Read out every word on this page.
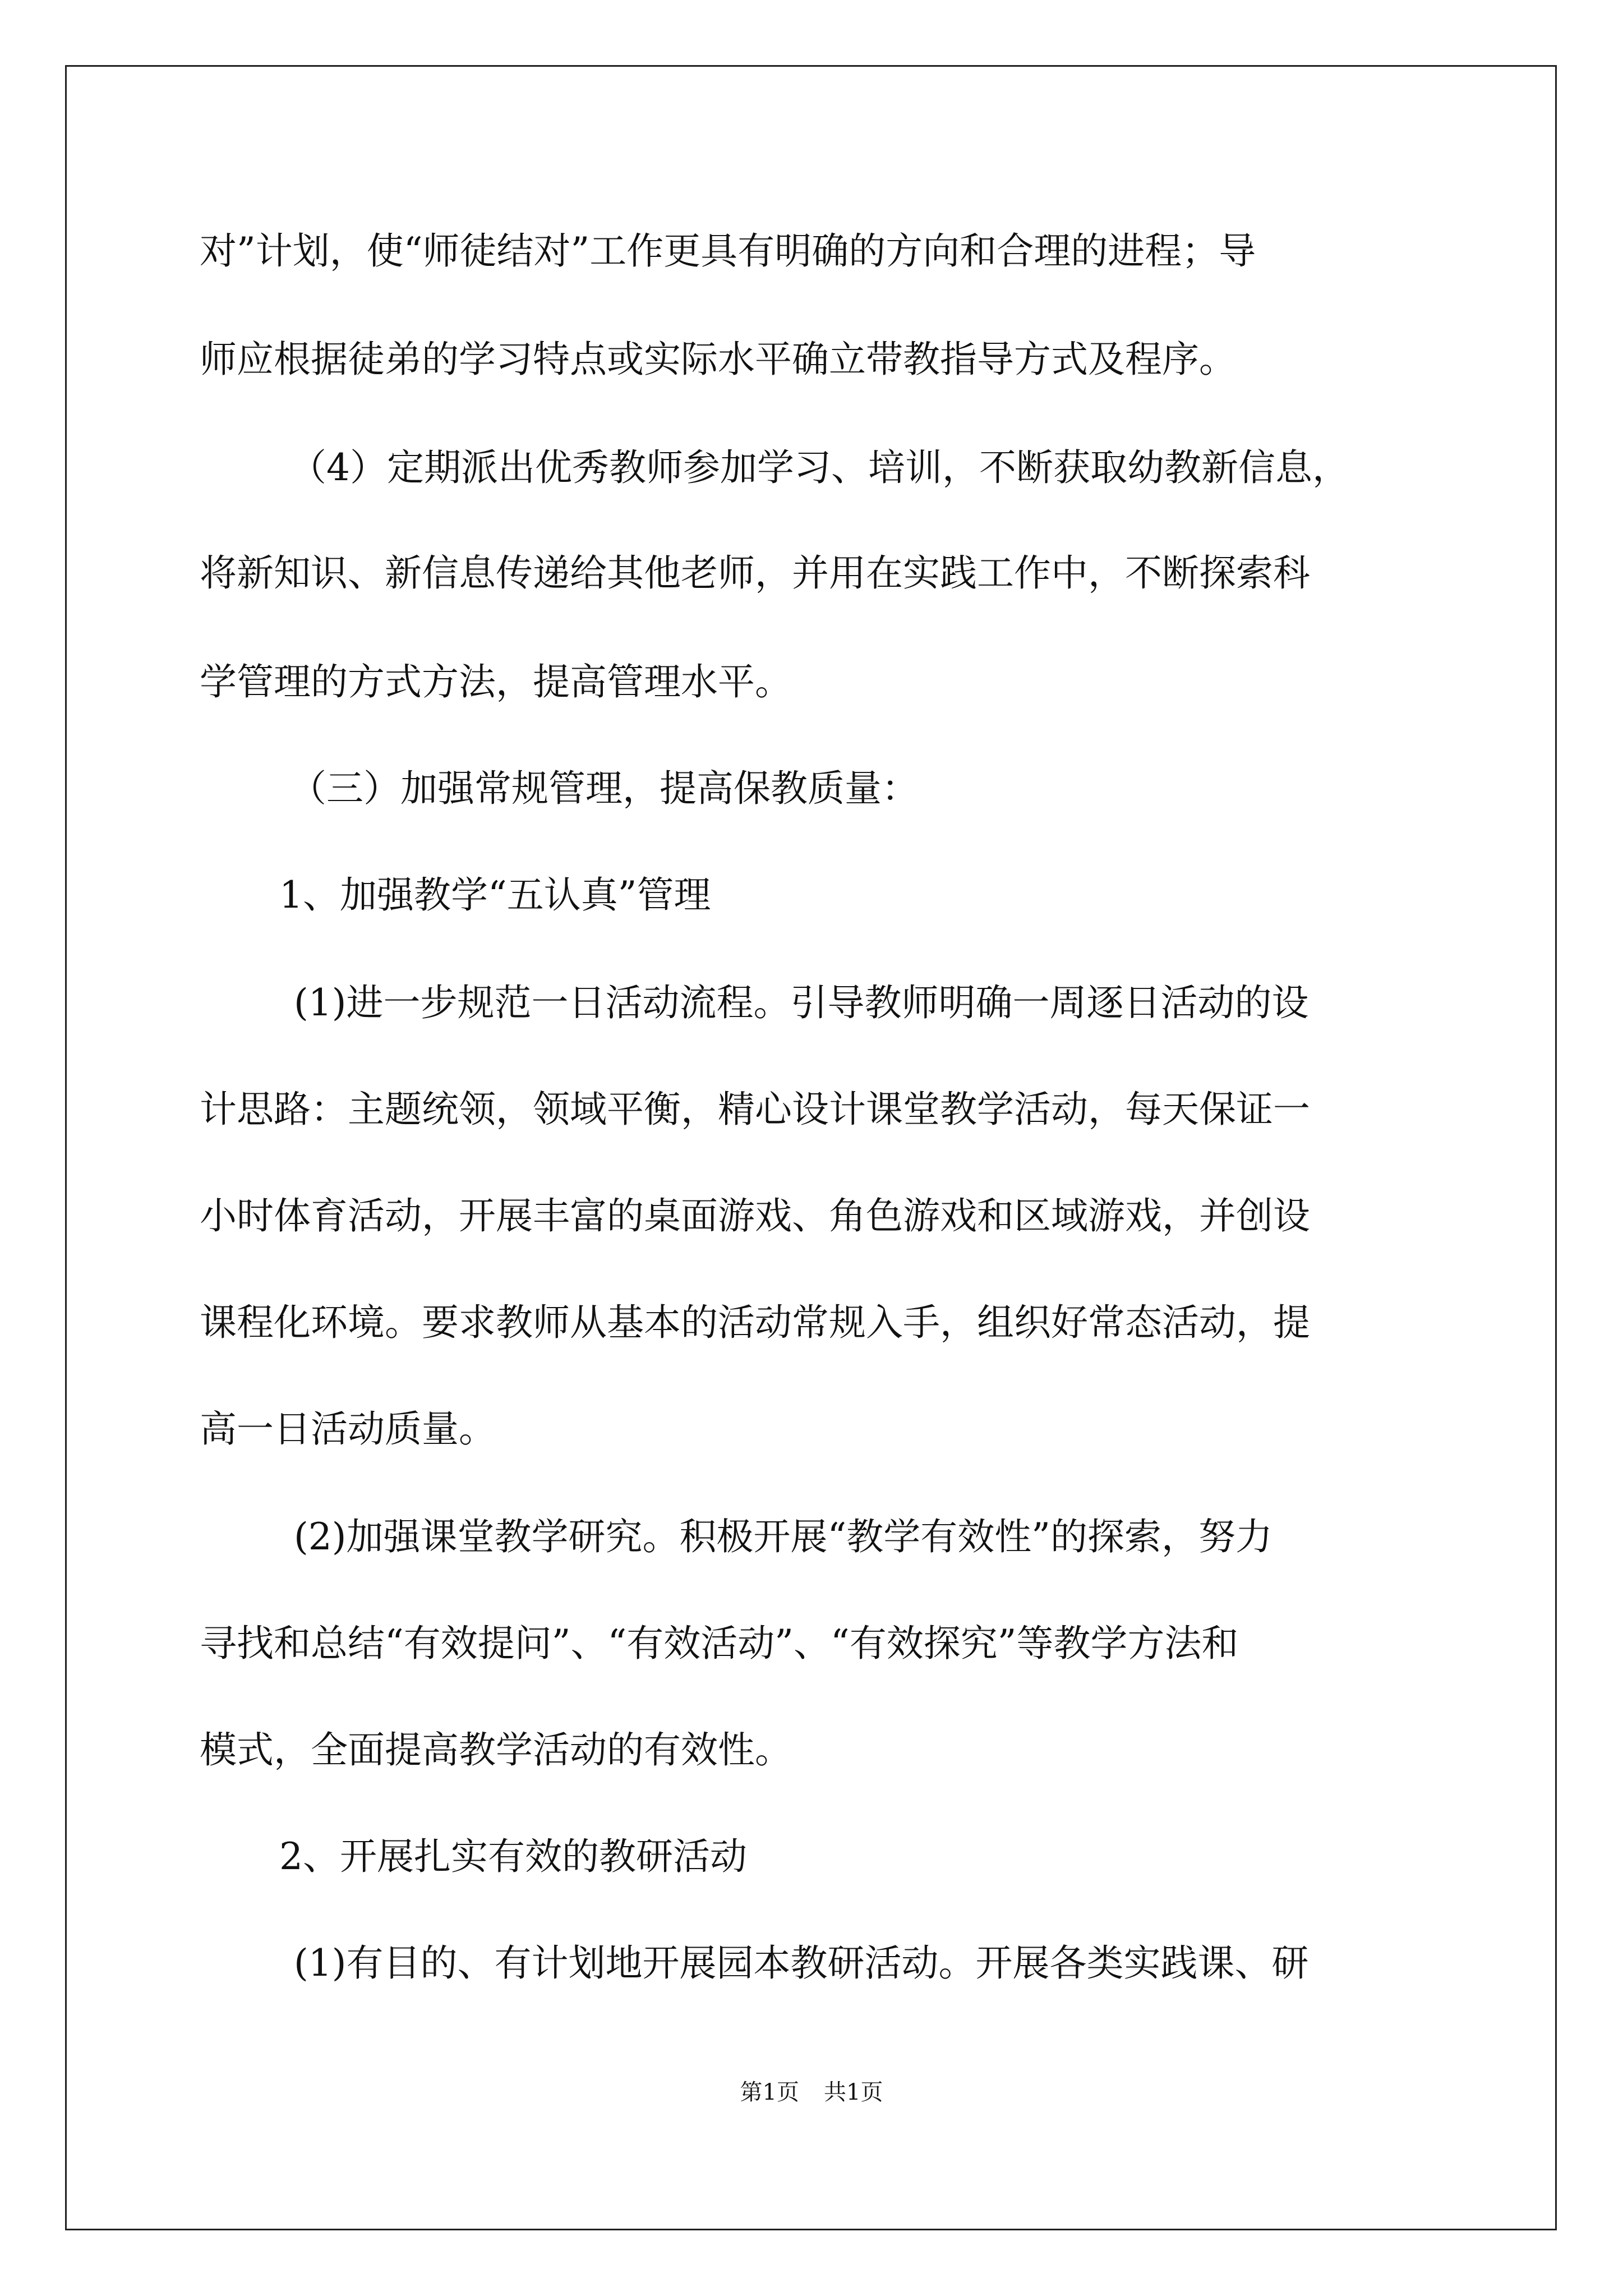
对”计划，使“师徒结对”工作更具有明确的方向和合理的进程；导
师应根据徒弟的学习特点或实际水平确立带教指导方式及程序。
（4）定期派出优秀教师参加学习、培训，不断获取幼教新信息，
将新知识、新信息传递给其他老师，并用在实践工作中，不断探索科
学管理的方式方法，提高管理水平。
（三）加强常规管理，提高保教质量：
1、加强教学“五认真”管理
(1)进一步规范一日活动流程。引导教师明确一周逐日活动的设
计思路：主题统领，领域平衡，精心设计课堂教学活动，每天保证一
小时体育活动，开展丰富的桌面游戏、角色游戏和区域游戏，并创设
课程化环境。要求教师从基本的活动常规入手，组织好常态活动，提
高一日活动质量。
(2)加强课堂教学研究。积极开展“教学有效性”的探索，努力
寻找和总结“有效提问”、“有效活动”、“有效探究”等教学方法和
模式，全面提高教学活动的有效性。
2、开展扎实有效的教研活动
(1)有目的、有计划地开展园本教研活动。开展各类实践课、研
第1页 共1页
